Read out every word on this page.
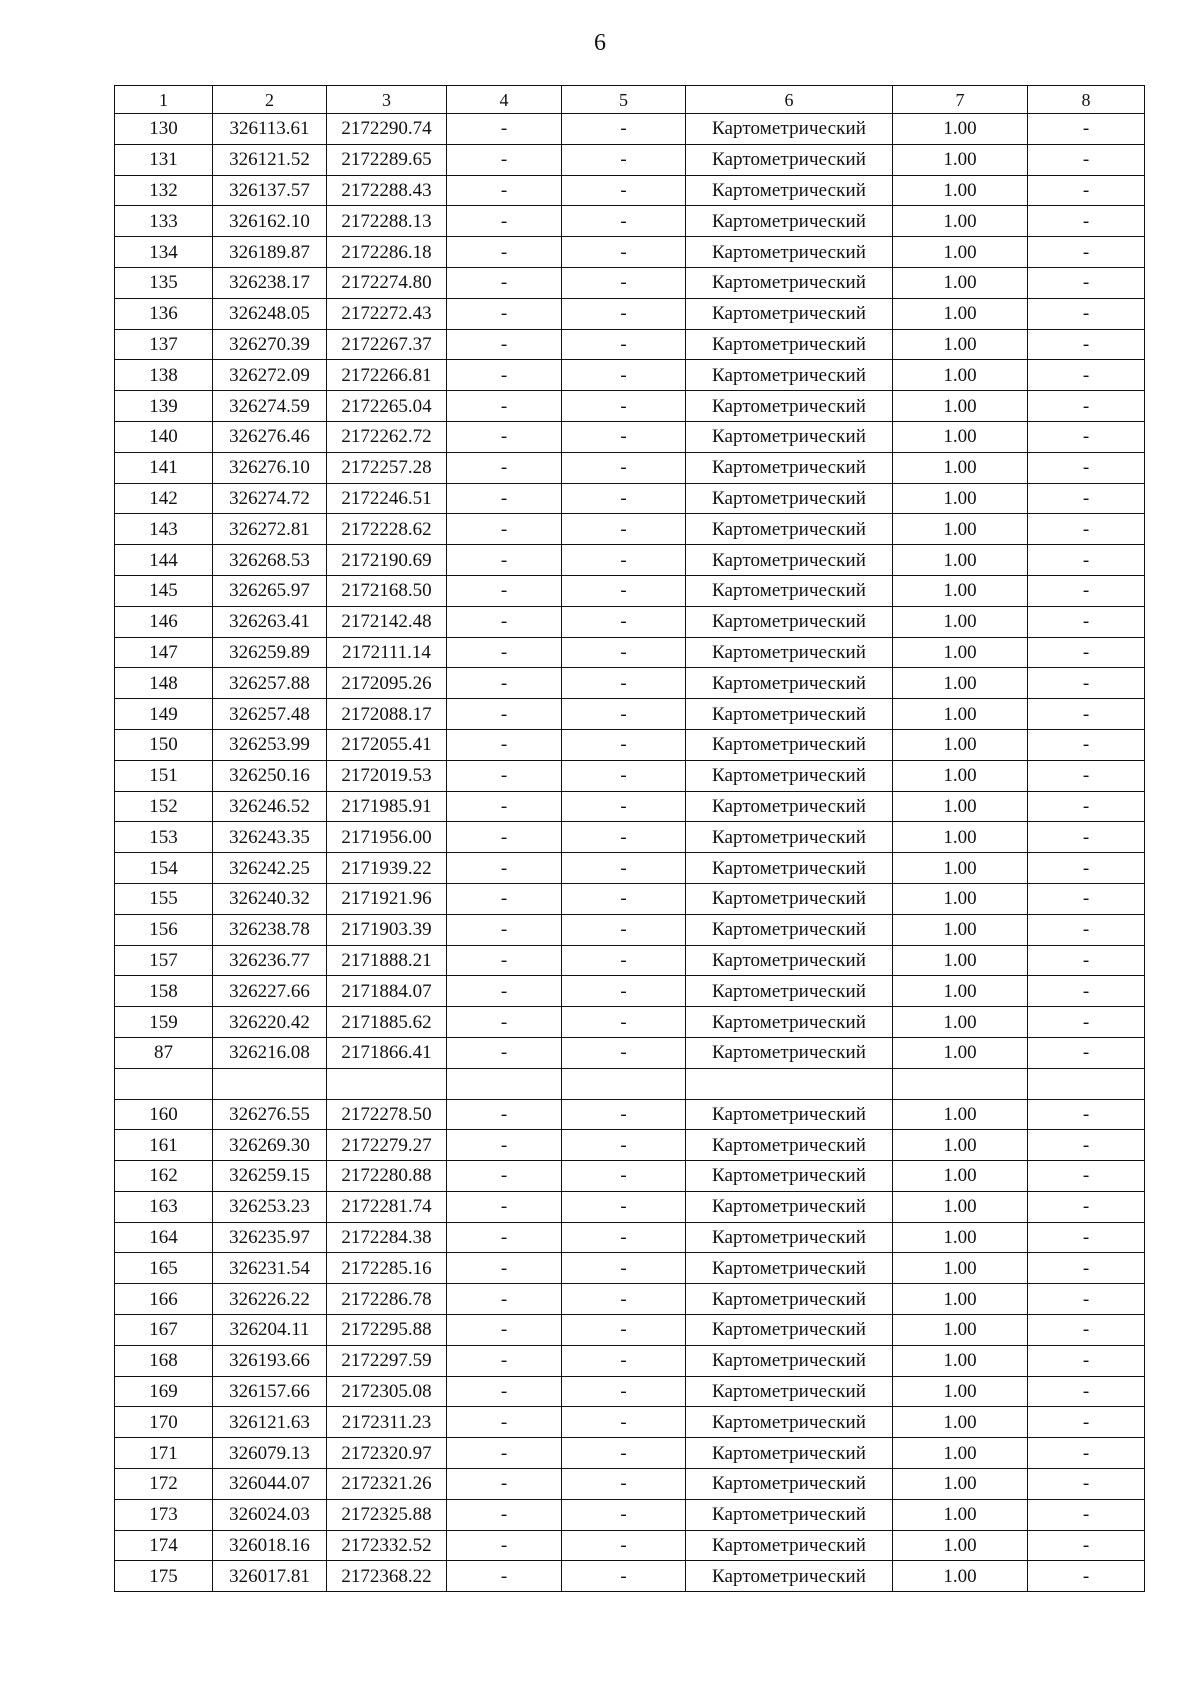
6
1	2	3	4	5	6	7	8
130	326113.61	2172290.74	-	-	Картометрический	1.00	-
131	326121.52	2172289.65	-	-	Картометрический	1.00	-
132	326137.57	2172288.43	-	-	Картометрический	1.00	-
133	326162.10	2172288.13	-	-	Картометрический	1.00	-
134	326189.87	2172286.18	-	-	Картометрический	1.00	-
135	326238.17	2172274.80	-	-	Картометрический	1.00	-
136	326248.05	2172272.43	-	-	Картометрический	1.00	-
137	326270.39	2172267.37	-	-	Картометрический	1.00	-
138	326272.09	2172266.81	-	-	Картометрический	1.00	-
139	326274.59	2172265.04	-	-	Картометрический	1.00	-
140	326276.46	2172262.72	-	-	Картометрический	1.00	-
141	326276.10	2172257.28	-	-	Картометрический	1.00	-
142	326274.72	2172246.51	-	-	Картометрический	1.00	-
143	326272.81	2172228.62	-	-	Картометрический	1.00	-
144	326268.53	2172190.69	-	-	Картометрический	1.00	-
145	326265.97	2172168.50	-	-	Картометрический	1.00	-
146	326263.41	2172142.48	-	-	Картометрический	1.00	-
147	326259.89	2172111.14	-	-	Картометрический	1.00	-
148	326257.88	2172095.26	-	-	Картометрический	1.00	-
149	326257.48	2172088.17	-	-	Картометрический	1.00	-
150	326253.99	2172055.41	-	-	Картометрический	1.00	-
151	326250.16	2172019.53	-	-	Картометрический	1.00	-
152	326246.52	2171985.91	-	-	Картометрический	1.00	-
153	326243.35	2171956.00	-	-	Картометрический	1.00	-
154	326242.25	2171939.22	-	-	Картометрический	1.00	-
155	326240.32	2171921.96	-	-	Картометрический	1.00	-
156	326238.78	2171903.39	-	-	Картометрический	1.00	-
157	326236.77	2171888.21	-	-	Картометрический	1.00	-
158	326227.66	2171884.07	-	-	Картометрический	1.00	-
159	326220.42	2171885.62	-	-	Картометрический	1.00	-
87	326216.08	2171866.41	-	-	Картометрический	1.00	-

160	326276.55	2172278.50	-	-	Картометрический	1.00	-
161	326269.30	2172279.27	-	-	Картометрический	1.00	-
162	326259.15	2172280.88	-	-	Картометрический	1.00	-
163	326253.23	2172281.74	-	-	Картометрический	1.00	-
164	326235.97	2172284.38	-	-	Картометрический	1.00	-
165	326231.54	2172285.16	-	-	Картометрический	1.00	-
166	326226.22	2172286.78	-	-	Картометрический	1.00	-
167	326204.11	2172295.88	-	-	Картометрический	1.00	-
168	326193.66	2172297.59	-	-	Картометрический	1.00	-
169	326157.66	2172305.08	-	-	Картометрический	1.00	-
170	326121.63	2172311.23	-	-	Картометрический	1.00	-
171	326079.13	2172320.97	-	-	Картометрический	1.00	-
172	326044.07	2172321.26	-	-	Картометрический	1.00	-
173	326024.03	2172325.88	-	-	Картометрический	1.00	-
174	326018.16	2172332.52	-	-	Картометрический	1.00	-
175	326017.81	2172368.22	-	-	Картометрический	1.00	-
